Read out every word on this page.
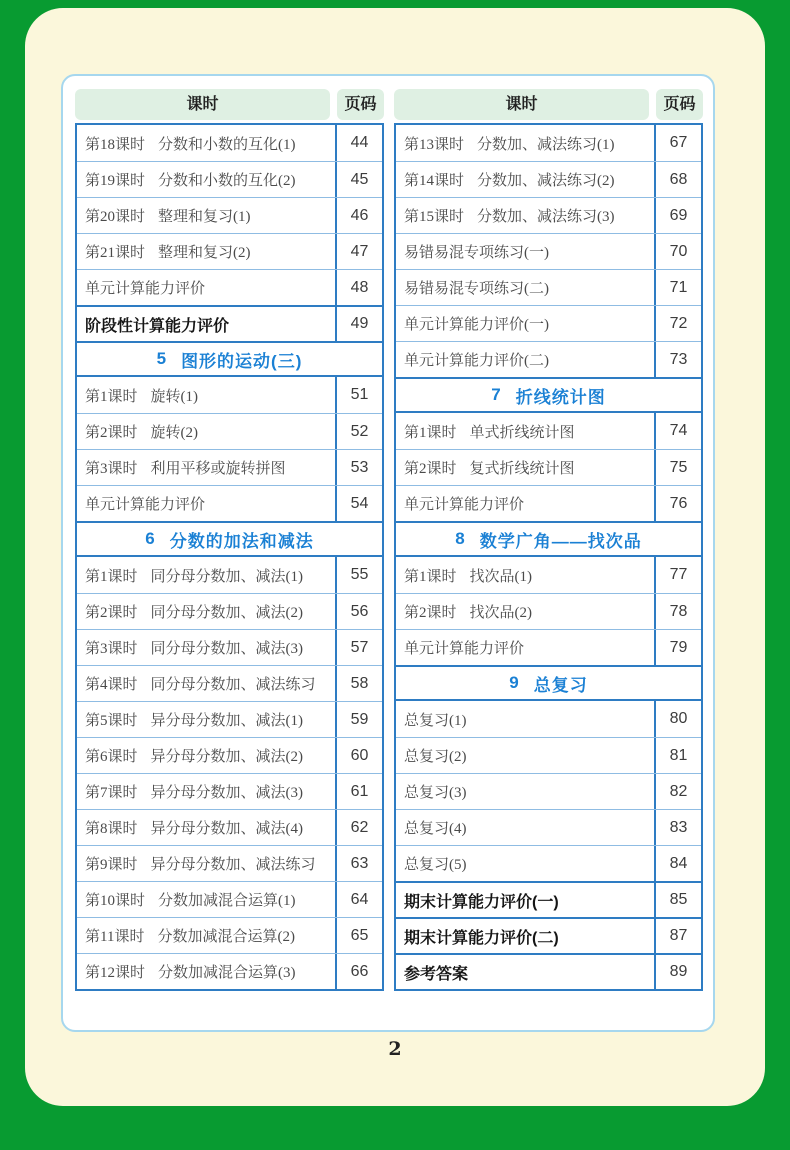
课时	页码
第18课时 分数和小数的互化(1)	44
第19课时 分数和小数的互化(2)	45
第20课时 整理和复习(1)	46
第21课时 整理和复习(2)	47
单元计算能力评价	48
阶段性计算能力评价	49
5 图形的运动(三)
第1课时 旋转(1)	51
第2课时 旋转(2)	52
第3课时 利用平移或旋转拼图	53
单元计算能力评价	54
6 分数的加法和减法
第1课时 同分母分数加、减法(1)	55
第2课时 同分母分数加、减法(2)	56
第3课时 同分母分数加、减法(3)	57
第4课时 同分母分数加、减法练习	58
第5课时 异分母分数加、减法(1)	59
第6课时 异分母分数加、减法(2)	60
第7课时 异分母分数加、减法(3)	61
第8课时 异分母分数加、减法(4)	62
第9课时 异分母分数加、减法练习	63
第10课时 分数加减混合运算(1)	64
第11课时 分数加减混合运算(2)	65
第12课时 分数加减混合运算(3)	66
课时	页码
第13课时 分数加、减法练习(1)	67
第14课时 分数加、减法练习(2)	68
第15课时 分数加、减法练习(3)	69
易错易混专项练习(一)	70
易错易混专项练习(二)	71
单元计算能力评价(一)	72
单元计算能力评价(二)	73
7 折线统计图
第1课时 单式折线统计图	74
第2课时 复式折线统计图	75
单元计算能力评价	76
8 数学广角——找次品
第1课时 找次品(1)	77
第2课时 找次品(2)	78
单元计算能力评价	79
9 总复习
总复习(1)	80
总复习(2)	81
总复习(3)	82
总复习(4)	83
总复习(5)	84
期末计算能力评价(一)	85
期末计算能力评价(二)	87
参考答案	89
2
